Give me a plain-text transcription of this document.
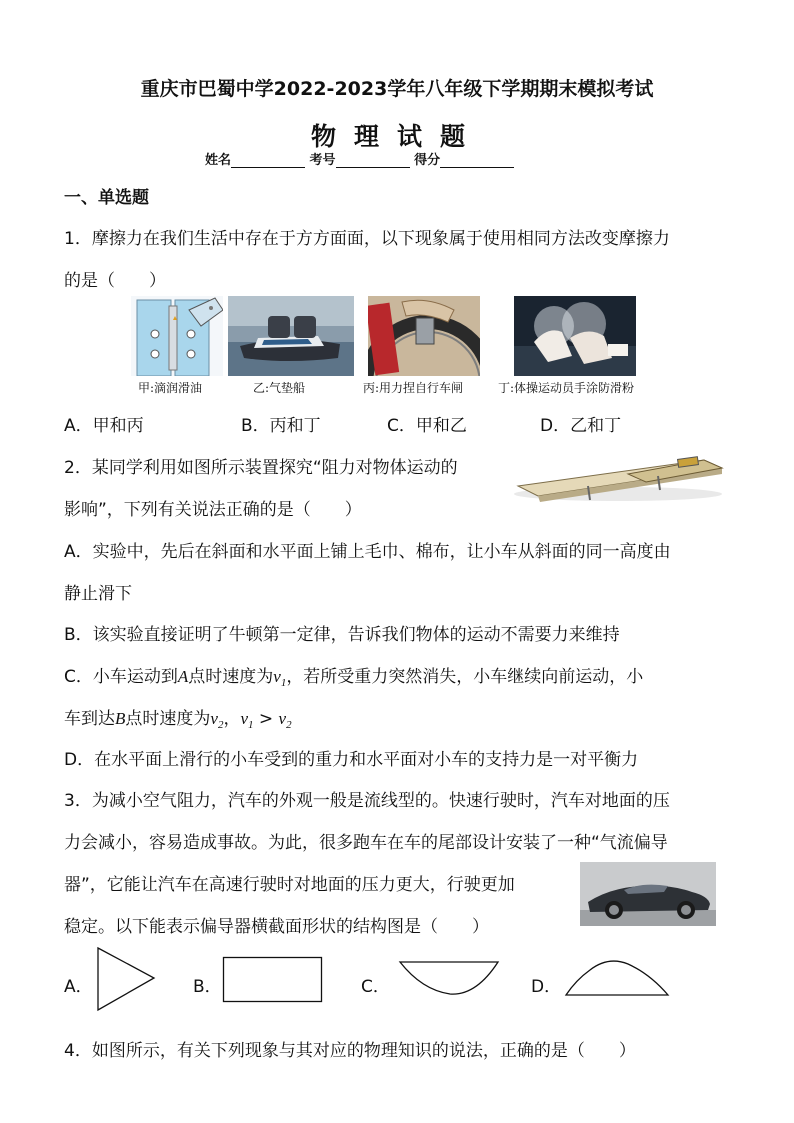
重庆市巴蜀中学2022-2023学年八年级下学期期末模拟考试
物理试题
姓名	考号	得分
一、单选题
1．摩擦力在我们生活中存在于方方面面，以下现象属于使用相同方法改变摩擦力
的是（　　）
甲:滴润滑油	乙:气垫船	丙:用力捏自行车闸	丁:体操运动员手涂防滑粉
A．甲和丙	B．丙和丁	C．甲和乙	D．乙和丁
2．某同学利用如图所示装置探究“阻力对物体运动的
影响”，下列有关说法正确的是（　　）
A．实验中，先后在斜面和水平面上铺上毛巾、棉布，让小车从斜面的同一高度由
静止滑下
B．该实验直接证明了牛顿第一定律，告诉我们物体的运动不需要力来维持
C．小车运动到A点时速度为$v_1$，若所受重力突然消失，小车继续向前运动，小
车到达B点时速度为$v_2$，$v_1 > v_2$
D．在水平面上滑行的小车受到的重力和水平面对小车的支持力是一对平衡力
3．为减小空气阻力，汽车的外观一般是流线型的。快速行驶时，汽车对地面的压
力会减小，容易造成事故。为此，很多跑车在车的尾部设计安装了一种“气流偏导
器”，它能让汽车在高速行驶时对地面的压力更大，行驶更加
稳定。以下能表示偏导器横截面形状的结构图是（　　）
A．	B．	C．	D．
4．如图所示，有关下列现象与其对应的物理知识的说法，正确的是（　　）
